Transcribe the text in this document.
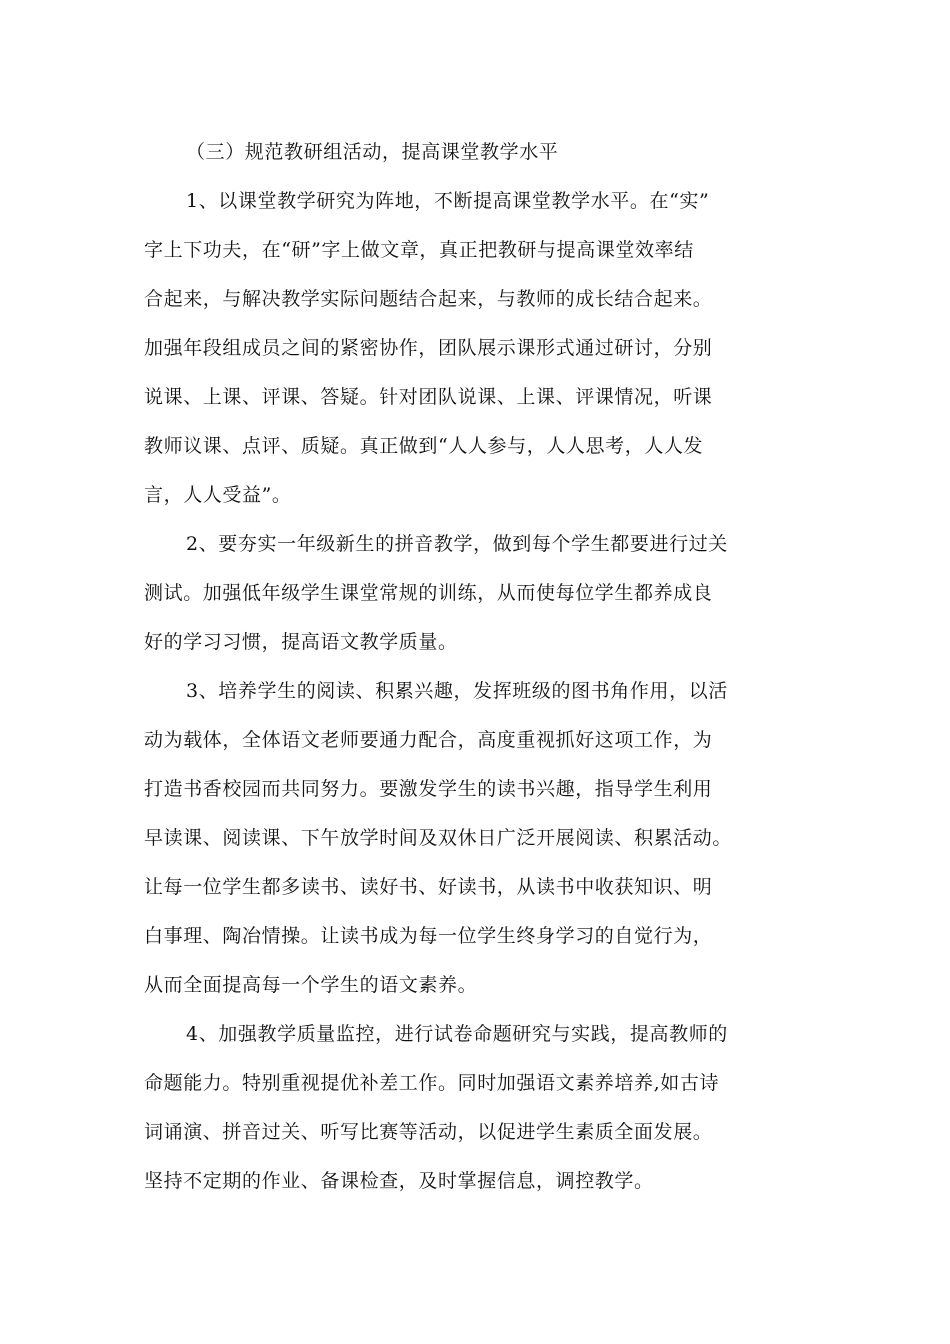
（三）规范教研组活动，提高课堂教学水平
1、以课堂教学研究为阵地，不断提高课堂教学水平。在“实”
字上下功夫，在“研”字上做文章，真正把教研与提高课堂效率结
合起来，与解决教学实际问题结合起来，与教师的成长结合起来。
加强年段组成员之间的紧密协作，团队展示课形式通过研讨，分别
说课、上课、评课、答疑。针对团队说课、上课、评课情况，听课
教师议课、点评、质疑。真正做到“人人参与，人人思考，人人发
言，人人受益”。
2、要夯实一年级新生的拼音教学，做到每个学生都要进行过关
测试。加强低年级学生课堂常规的训练，从而使每位学生都养成良
好的学习习惯，提高语文教学质量。
3、培养学生的阅读、积累兴趣，发挥班级的图书角作用，以活
动为载体，全体语文老师要通力配合，高度重视抓好这项工作，为
打造书香校园而共同努力。要激发学生的读书兴趣，指导学生利用
早读课、阅读课、下午放学时间及双休日广泛开展阅读、积累活动。
让每一位学生都多读书、读好书、好读书，从读书中收获知识、明
白事理、陶冶情操。让读书成为每一位学生终身学习的自觉行为，
从而全面提高每一个学生的语文素养。
4、加强教学质量监控，进行试卷命题研究与实践，提高教师的
命题能力。特别重视提优补差工作。同时加强语文素养培养,如古诗
词诵演、拼音过关、听写比赛等活动，以促进学生素质全面发展。
坚持不定期的作业、备课检查，及时掌握信息，调控教学。
